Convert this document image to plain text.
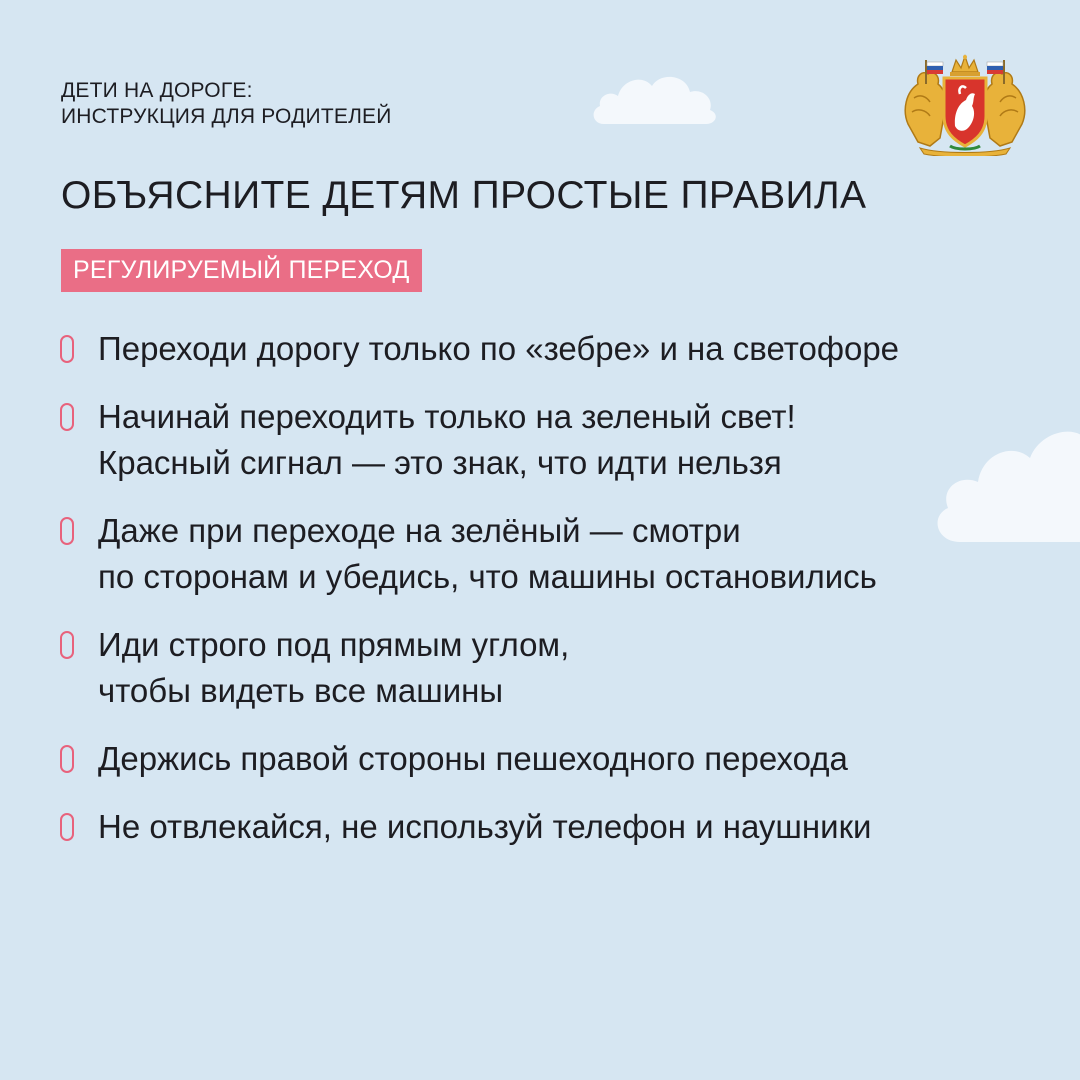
ДЕТИ НА ДОРОГЕ:
ИНСТРУКЦИЯ ДЛЯ РОДИТЕЛЕЙ
ОБЪЯСНИТЕ ДЕТЯМ ПРОСТЫЕ ПРАВИЛА
РЕГУЛИРУЕМЫЙ ПЕРЕХОД
Переходи дорогу только по «зебре» и на светофоре
Начинай переходить только на зеленый свет!
Красный сигнал — это знак, что идти нельзя
Даже при переходе на зелёный — смотри
по сторонам и убедись, что машины остановились
Иди строго под прямым углом,
чтобы видеть все машины
Держись правой стороны пешеходного перехода
Не отвлекайся, не используй телефон и наушники
